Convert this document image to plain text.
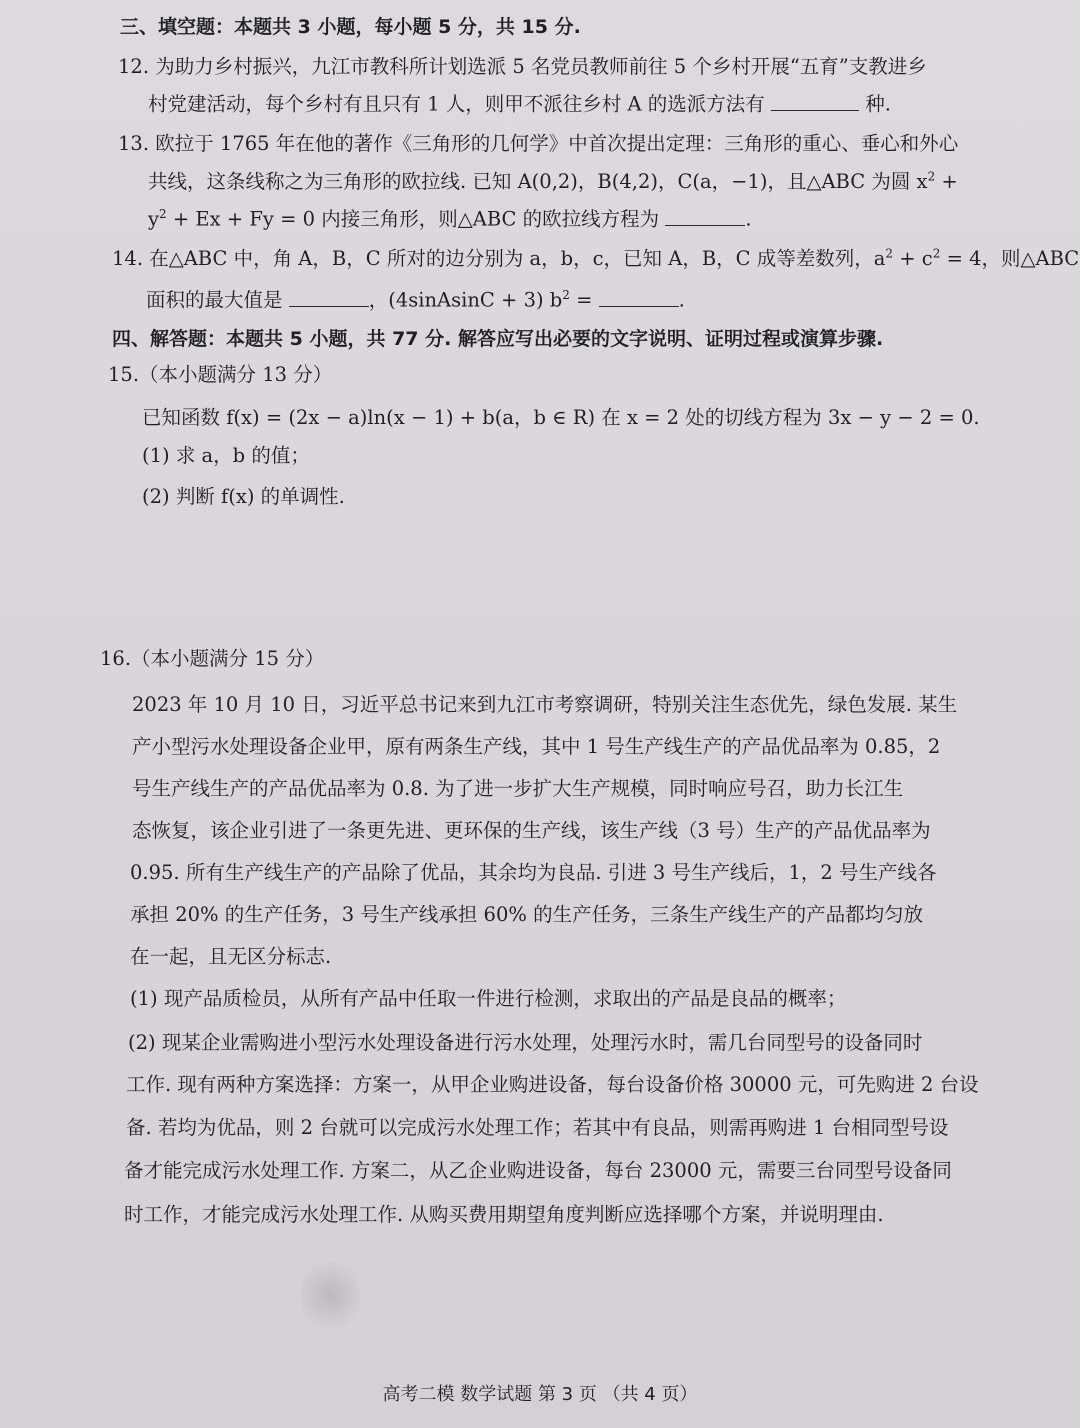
三、填空题：本题共 3 小题，每小题 5 分，共 15 分.
12. 为助力乡村振兴，九江市教科所计划选派 5 名党员教师前往 5 个乡村开展“五育”支教进乡
村党建活动，每个乡村有且只有 1 人，则甲不派往乡村 A 的选派方法有	种.
13. 欧拉于 1765 年在他的著作《三角形的几何学》中首次提出定理：三角形的重心、垂心和外心
共线，这条线称之为三角形的欧拉线. 已知 A(0,2)，B(4,2)，C(a，−1)，且△ABC 为圆 $x^2$ +
$y^2 + Ex + Fy = 0$ 内接三角形，则△ABC 的欧拉线方程为	.
14. 在△ABC 中，角 A，B，C 所对的边分别为 a，b，c，已知 A，B，C 成等差数列，$a^2 + c^2 = 4$，则△ABC
面积的最大值是	，(4sinAsinC + 3) $b^2$ =	.
四、解答题：本题共 5 小题，共 77 分. 解答应写出必要的文字说明、证明过程或演算步骤.
15.（本小题满分 13 分）
已知函数 f(x) = (2x − a)ln(x − 1) + b(a，b ∈ R) 在 x = 2 处的切线方程为 3x − y − 2 = 0.
(1) 求 a，b 的值；
(2) 判断 f(x) 的单调性.
16.（本小题满分 15 分）
2023 年 10 月 10 日，习近平总书记来到九江市考察调研，特别关注生态优先，绿色发展. 某生
产小型污水处理设备企业甲，原有两条生产线，其中 1 号生产线生产的产品优品率为 0.85，2
号生产线生产的产品优品率为 0.8. 为了进一步扩大生产规模，同时响应号召，助力长江生
态恢复，该企业引进了一条更先进、更环保的生产线，该生产线（3 号）生产的产品优品率为
0.95. 所有生产线生产的产品除了优品，其余均为良品. 引进 3 号生产线后，1，2 号生产线各
承担 20% 的生产任务，3 号生产线承担 60% 的生产任务，三条生产线生产的产品都均匀放
在一起，且无区分标志.
(1) 现产品质检员，从所有产品中任取一件进行检测，求取出的产品是良品的概率；
(2) 现某企业需购进小型污水处理设备进行污水处理，处理污水时，需几台同型号的设备同时
工作. 现有两种方案选择：方案一，从甲企业购进设备，每台设备价格 30000 元，可先购进 2 台设
备. 若均为优品，则 2 台就可以完成污水处理工作；若其中有良品，则需再购进 1 台相同型号设
备才能完成污水处理工作. 方案二，从乙企业购进设备，每台 23000 元，需要三台同型号设备同
时工作，才能完成污水处理工作. 从购买费用期望角度判断应选择哪个方案，并说明理由.
高考二模 数学试题 第 3 页 （共 4 页）
